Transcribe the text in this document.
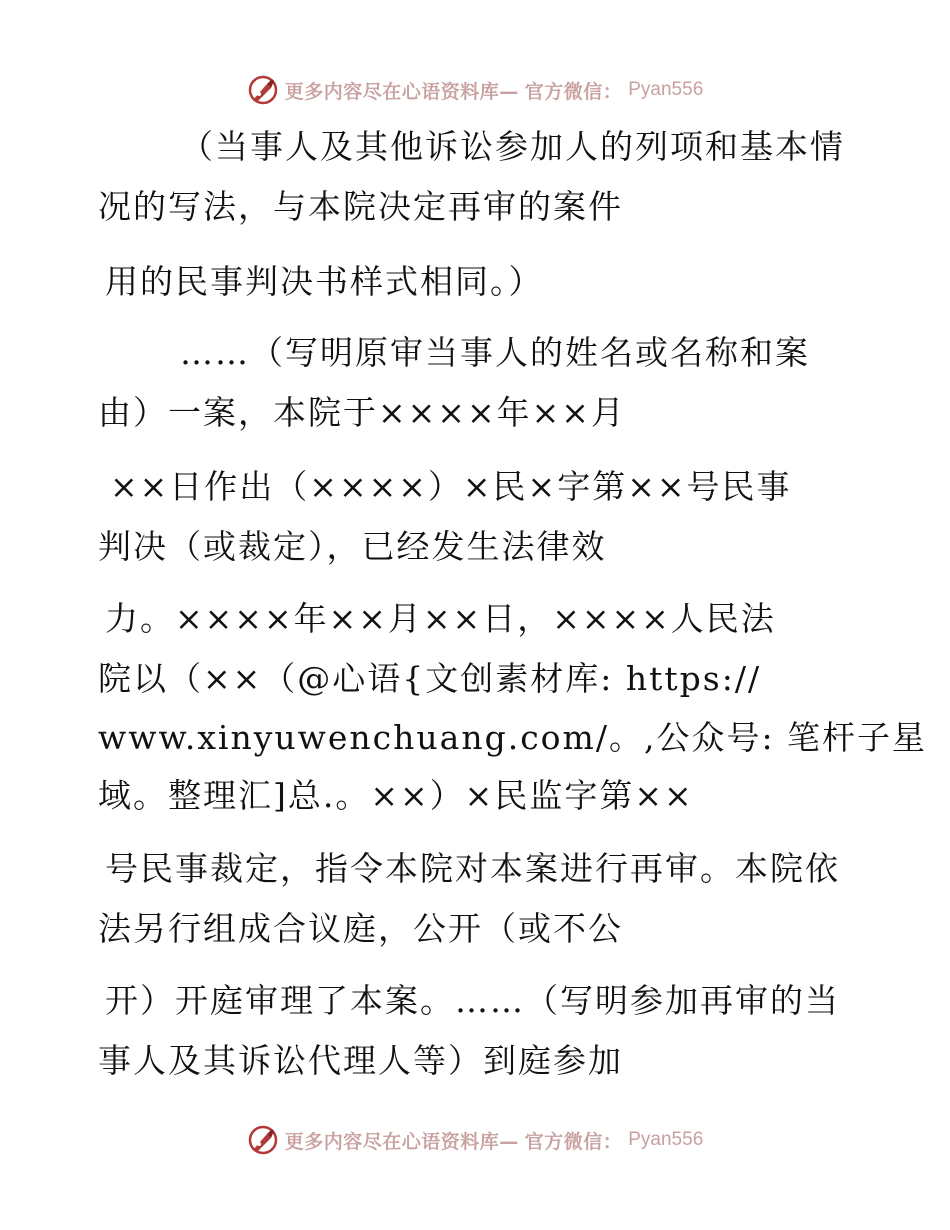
更多内容尽在心语资料库— 官方微信： Pyan556
（当事人及其他诉讼参加人的列项和基本情
况的写法，与本院决定再审的案件
用的民事判决书样式相同。）
……（写明原审当事人的姓名或名称和案
由）一案，本院于××××年××月
××日作出（××××）×民×字第××号民事
判决（或裁定），已经发生法律效
力。××××年××月××日，××××人民法
院以（××（@心语{文创素材库: https://
www.xinyuwenchuang.com/。,公众号: 笔杆子星
域。整理汇]总.。××）×民监字第××
号民事裁定，指令本院对本案进行再审。本院依
法另行组成合议庭，公开（或不公
开）开庭审理了本案。……（写明参加再审的当
事人及其诉讼代理人等）到庭参加
更多内容尽在心语资料库— 官方微信： Pyan556
